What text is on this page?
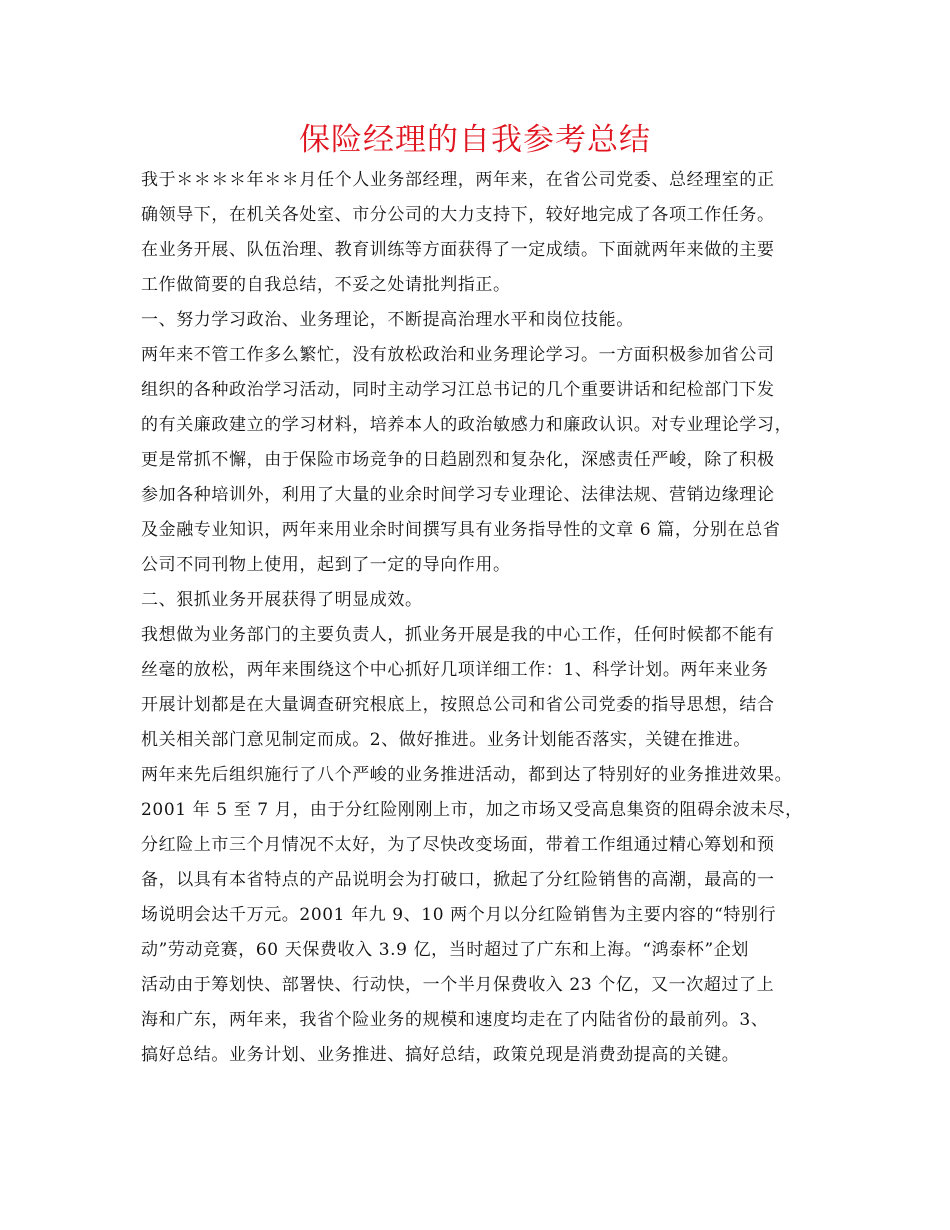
保险经理的自我参考总结
我于＊＊＊＊年＊＊月任个人业务部经理，两年来，在省公司党委、总经理室的正
确领导下，在机关各处室、市分公司的大力支持下，较好地完成了各项工作任务。
在业务开展、队伍治理、教育训练等方面获得了一定成绩。下面就两年来做的主要
工作做简要的自我总结，不妥之处请批判指正。
一、努力学习政治、业务理论，不断提高治理水平和岗位技能。
两年来不管工作多么繁忙，没有放松政治和业务理论学习。一方面积极参加省公司
组织的各种政治学习活动，同时主动学习江总书记的几个重要讲话和纪检部门下发
的有关廉政建立的学习材料，培养本人的政治敏感力和廉政认识。对专业理论学习，
更是常抓不懈，由于保险市场竞争的日趋剧烈和复杂化，深感责任严峻，除了积极
参加各种培训外，利用了大量的业余时间学习专业理论、法律法规、营销边缘理论
及金融专业知识，两年来用业余时间撰写具有业务指导性的文章 6 篇，分别在总省
公司不同刊物上使用，起到了一定的导向作用。
二、狠抓业务开展获得了明显成效。
我想做为业务部门的主要负责人，抓业务开展是我的中心工作，任何时候都不能有
丝毫的放松，两年来围绕这个中心抓好几项详细工作：1、科学计划。两年来业务
开展计划都是在大量调查研究根底上，按照总公司和省公司党委的指导思想，结合
机关相关部门意见制定而成。2、做好推进。业务计划能否落实，关键在推进。
两年来先后组织施行了八个严峻的业务推进活动，都到达了特别好的业务推进效果。
2001 年 5 至 7 月，由于分红险刚刚上市，加之市场又受高息集资的阻碍余波未尽，
分红险上市三个月情况不太好，为了尽快改变场面，带着工作组通过精心筹划和预
备，以具有本省特点的产品说明会为打破口，掀起了分红险销售的高潮，最高的一
场说明会达千万元。2001 年九 9、10 两个月以分红险销售为主要内容的“特别行
动”劳动竞赛，60 天保费收入 3.9 亿，当时超过了广东和上海。“鸿泰杯”企划
活动由于筹划快、部署快、行动快，一个半月保费收入 23 个亿，又一次超过了上
海和广东，两年来，我省个险业务的规模和速度均走在了内陆省份的最前列。3、
搞好总结。业务计划、业务推进、搞好总结，政策兑现是消费劲提高的关键。
